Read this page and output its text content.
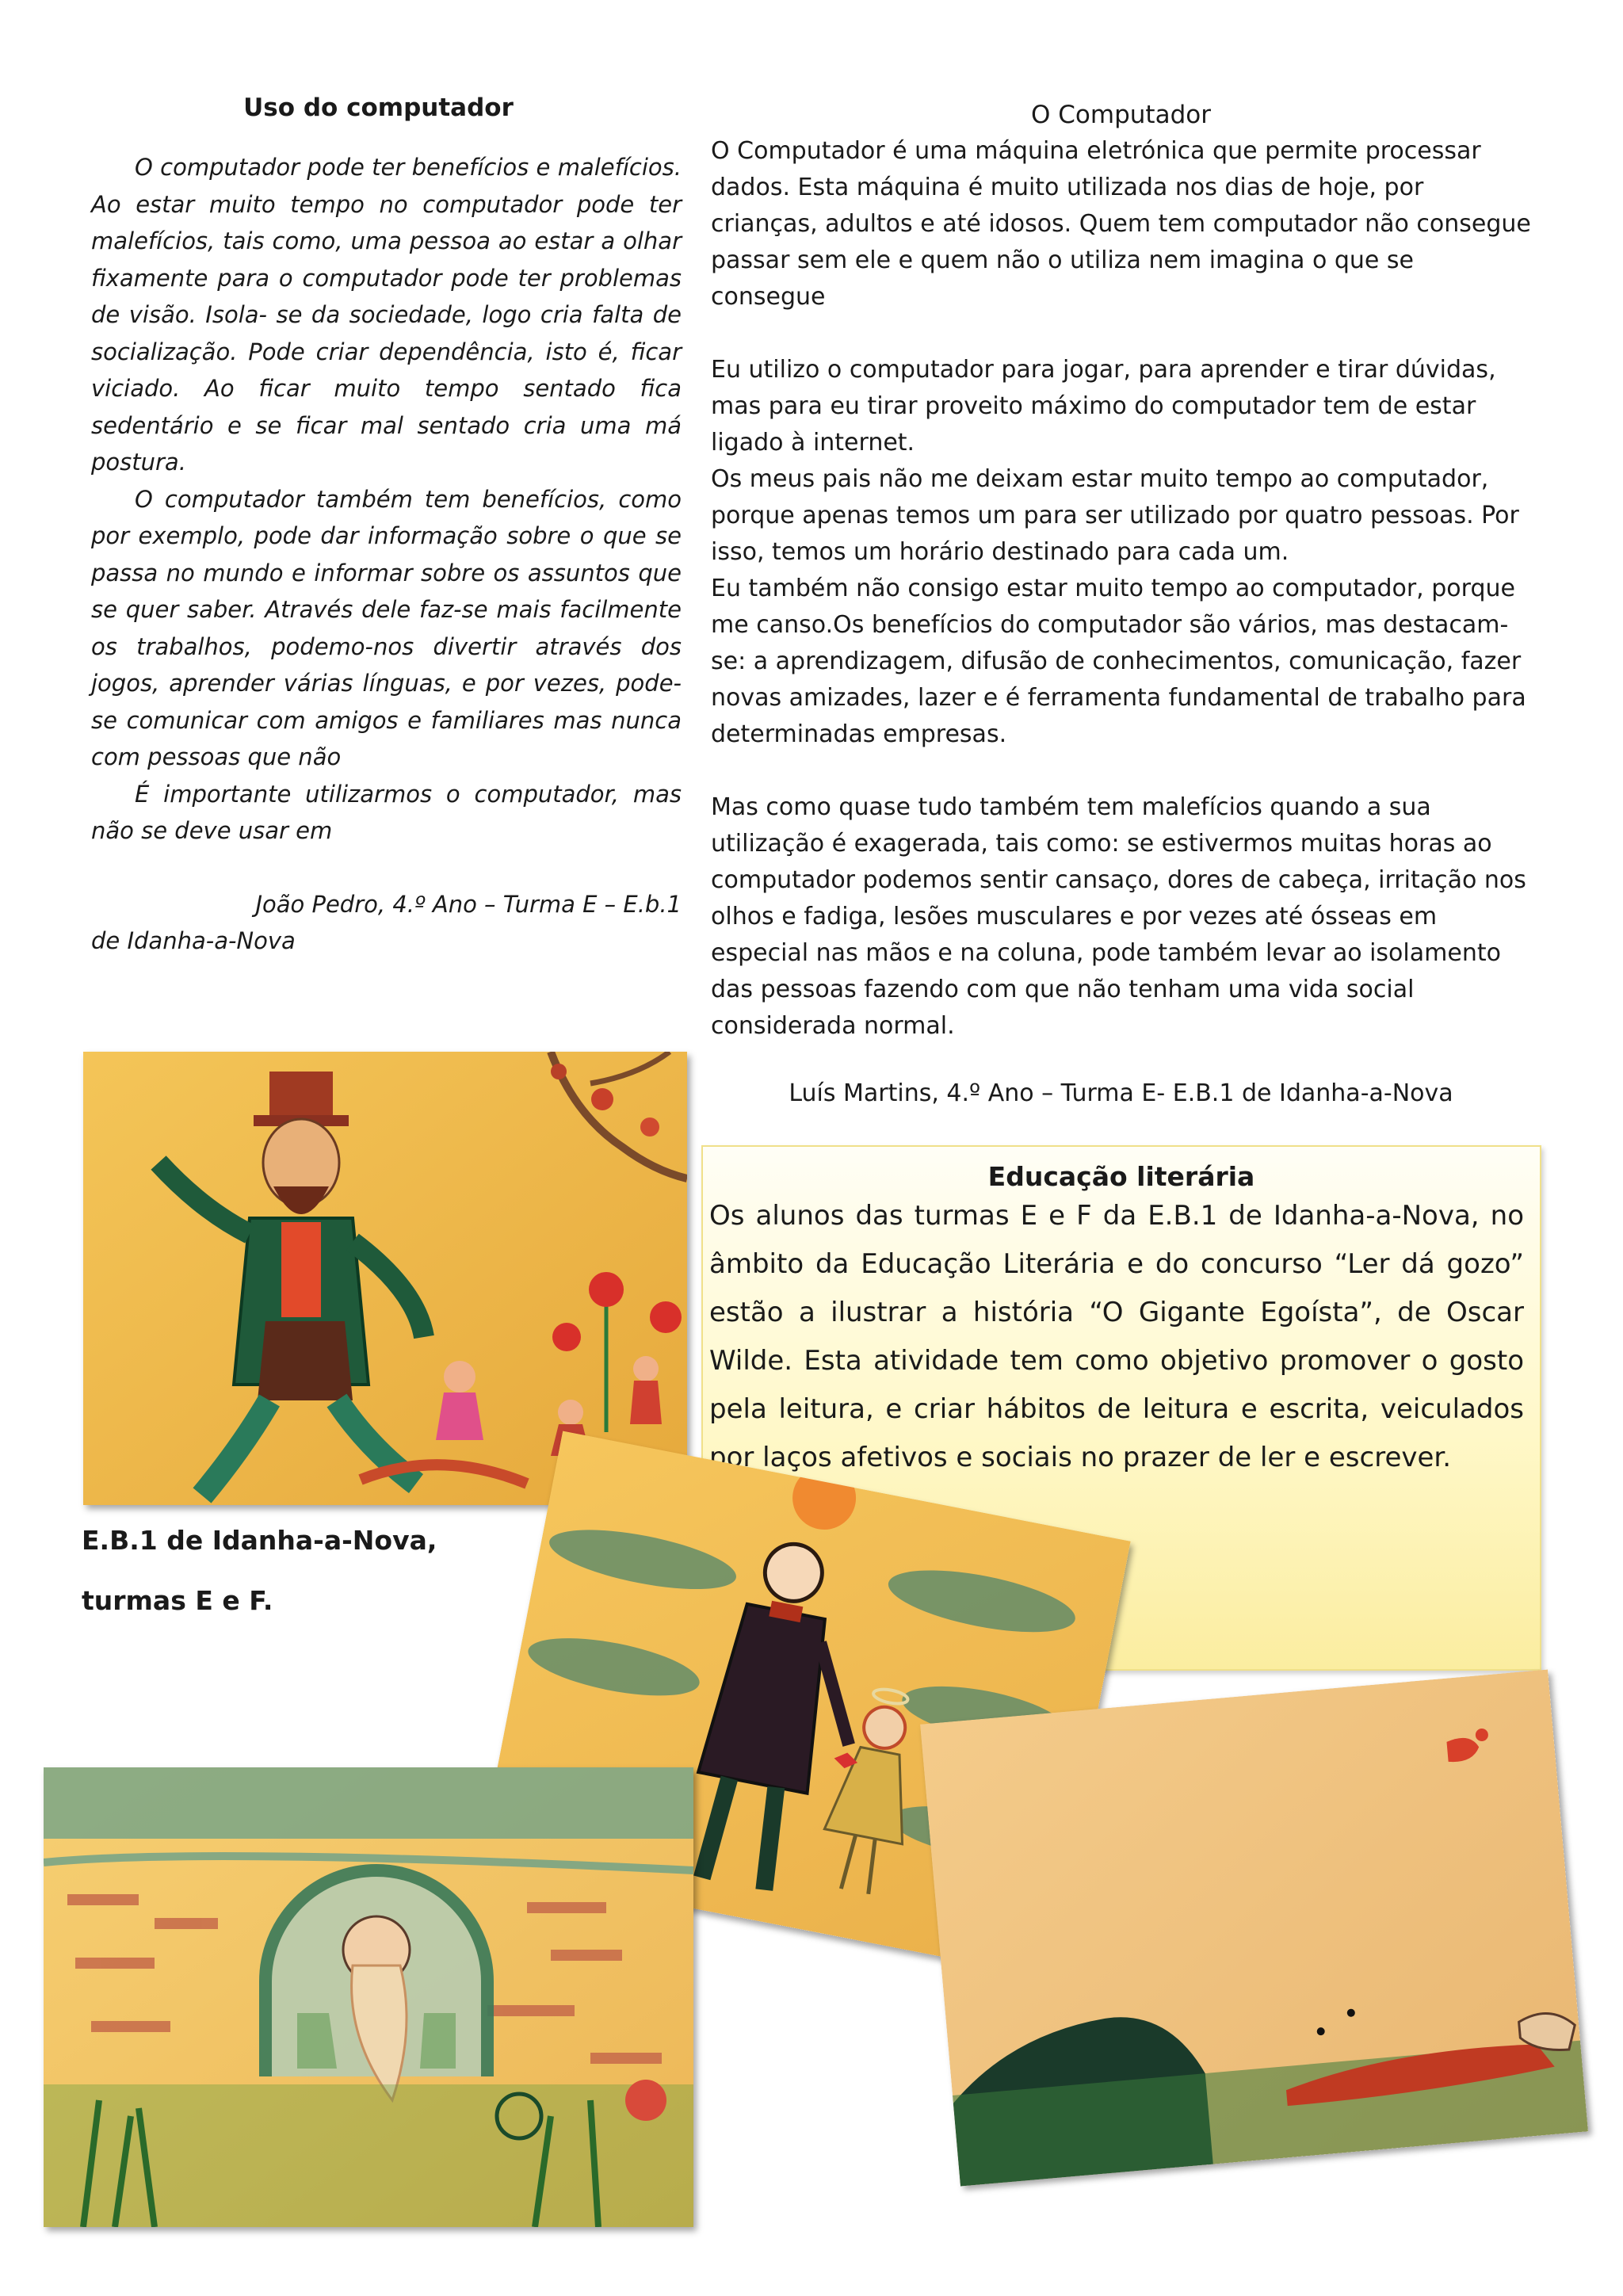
Uso do computador

O computador pode ter benefícios e malefícios. Ao estar muito tempo no computador pode ter malefícios, tais como, uma pessoa ao estar a olhar fixamente para o computador pode ter problemas de visão. Isola- se da sociedade, logo cria falta de socialização. Pode criar dependência, isto é, ficar viciado. Ao ficar muito tempo sentado fica sedentário e se ficar mal sentado cria uma má postura.

O computador também tem benefícios, como por exemplo, pode dar informação sobre o que se passa no mundo e informar sobre os assuntos que se quer saber. Através dele faz-se mais facilmente os trabalhos, podemo-nos divertir através dos jogos, aprender várias línguas, e por vezes, pode-se comunicar com amigos e familiares mas nunca com pessoas que não

É importante utilizarmos o computador, mas não se deve usar em

João Pedro, 4.º Ano – Turma E – E.b.1

de Idanha-a-Nova

O Computador

O Computador é uma máquina eletrónica que permite processar dados. Esta máquina é muito utilizada nos dias de hoje, por crianças, adultos e até idosos. Quem tem computador não consegue passar sem ele e quem não o utiliza nem imagina o que se consegue

Eu utilizo o computador para jogar, para aprender e tirar dúvidas, mas para eu tirar proveito máximo do computador tem de estar ligado à internet.

Os meus pais não me deixam estar muito tempo ao computador, porque apenas temos um para ser utilizado por quatro pessoas. Por isso, temos um horário destinado para cada um.

Eu também não consigo estar muito tempo ao computador, porque me canso.Os benefícios do computador são vários, mas destacam-se: a aprendizagem, difusão de conhecimentos, comunicação, fazer novas amizades, lazer e é ferramenta fundamental de trabalho para determinadas empresas.

Mas como quase tudo também tem malefícios quando a sua utilização é exagerada, tais como: se estivermos muitas horas ao computador podemos sentir cansaço, dores de cabeça, irritação nos olhos e fadiga, lesões musculares e por vezes até ósseas em especial nas mãos e na coluna, pode também levar ao isolamento das pessoas fazendo com que não tenham uma vida social considerada normal.

Luís Martins, 4.º Ano – Turma E- E.B.1 de Idanha-a-Nova

E.B.1 de Idanha-a-Nova,
turmas E e F.
Educação literária
Os alunos das turmas E e F da E.B.1 de Idanha-a-Nova, no âmbito da Educação Literária e do concurso “Ler dá gozo” estão a ilustrar a história “O Gigante Egoísta”, de Oscar Wilde. Esta atividade tem como objetivo promover o gosto pela leitura, e criar hábitos de leitura e escrita, veiculados por laços afetivos e sociais no prazer de ler e escrever.
